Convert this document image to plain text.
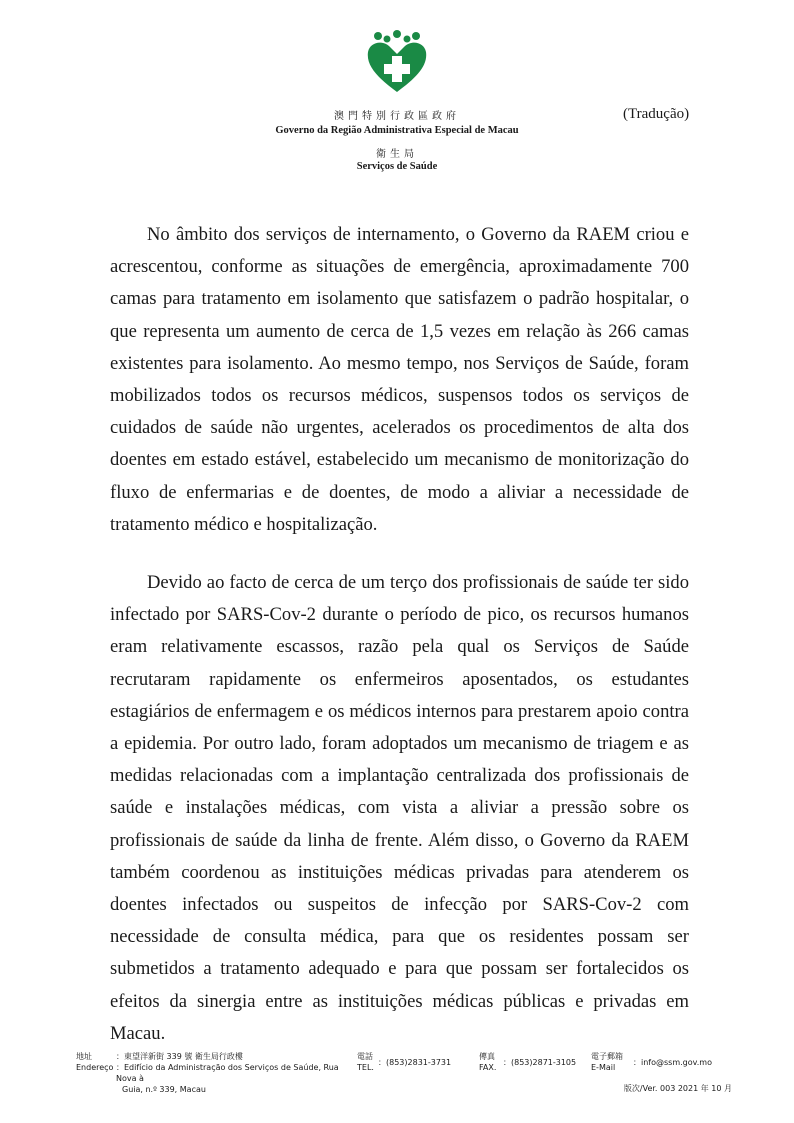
(Tradução)
澳門特別行政區政府
Governo da Região Administrativa Especial de Macau
衛生局
Serviços de Saúde

No âmbito dos serviços de internamento, o Governo da RAEM criou e acrescentou, conforme as situações de emergência, aproximadamente 700 camas para tratamento em isolamento que satisfazem o padrão hospitalar, o que representa um aumento de cerca de 1,5 vezes em relação às 266 camas existentes para isolamento. Ao mesmo tempo, nos Serviços de Saúde, foram mobilizados todos os recursos médicos, suspensos todos os serviços de cuidados de saúde não urgentes, acelerados os procedimentos de alta dos doentes em estado estável, estabelecido um mecanismo de monitorização do fluxo de enfermarias e de doentes, de modo a aliviar a necessidade de tratamento médico e hospitalização.

Devido ao facto de cerca de um terço dos profissionais de saúde ter sido infectado por SARS-Cov-2 durante o período de pico, os recursos humanos eram relativamente escassos, razão pela qual os Serviços de Saúde recrutaram rapidamente os enfermeiros aposentados, os estudantes estagiários de enfermagem e os médicos internos para prestarem apoio contra a epidemia. Por outro lado, foram adoptados um mecanismo de triagem e as medidas relacionadas com a implantação centralizada dos profissionais de saúde e instalações médicas, com vista a aliviar a pressão sobre os profissionais de saúde da linha de frente. Além disso, o Governo da RAEM também coordenou as instituições médicas privadas para atenderem os doentes infectados ou suspeitos de infecção por SARS-Cov-2 com necessidade de consulta médica, para que os residentes possam ser submetidos a tratamento adequado e para que possam ser fortalecidos os efeitos da sinergia entre as instituições médicas públicas e privadas em Macau.

地址
Endereço
：東望洋新街 339 號 衛生局行政樓
：Edifício da Administração dos Serviços de Saúde, Rua Nova à
Guia, n.º 339, Macau
電話
TEL.
：(853)2831-3731
傳真
FAX.
：(853)2871-3105
電子郵箱
E-Mail
：info@ssm.gov.mo
版次/Ver. 003 2021 年 10 月
